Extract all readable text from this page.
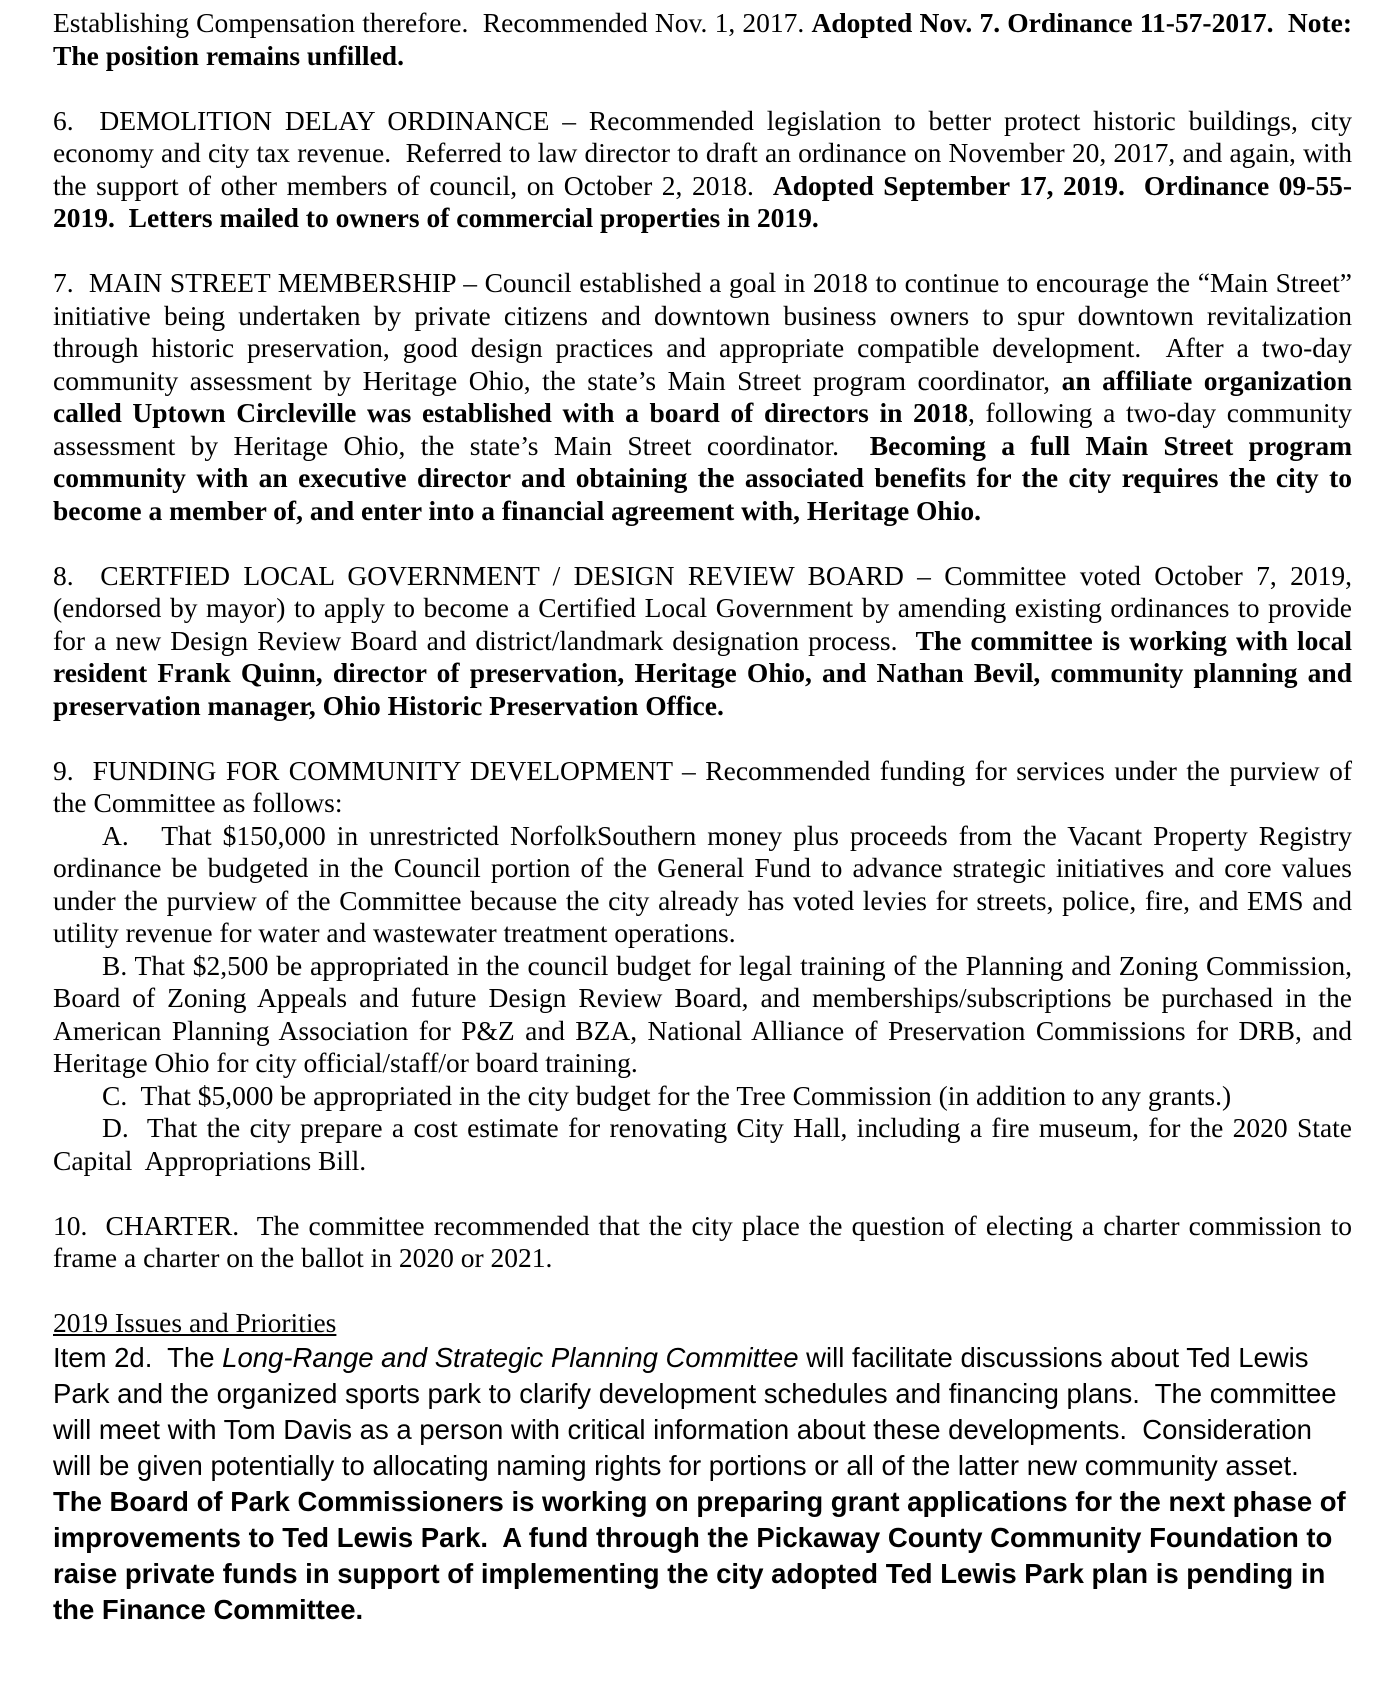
Establishing Compensation therefore.  Recommended Nov. 1, 2017. Adopted Nov. 7. Ordinance 11-57-2017.  Note:  The position remains unfilled.

6.  DEMOLITION DELAY ORDINANCE – Recommended legislation to better protect historic buildings, city economy and city tax revenue.  Referred to law director to draft an ordinance on November 20, 2017, and again, with the support of other members of council, on October 2, 2018.  Adopted September 17, 2019.  Ordinance 09-55-2019.  Letters mailed to owners of commercial properties in 2019.

7.  MAIN STREET MEMBERSHIP – Council established a goal in 2018 to continue to encourage the “Main Street” initiative being undertaken by private citizens and downtown business owners to spur downtown revitalization through historic preservation, good design practices and appropriate compatible development.  After a two-day community assessment by Heritage Ohio, the state’s Main Street program coordinator, an affiliate organization called Uptown Circleville was established with a board of directors in 2018, following a two-day community assessment by Heritage Ohio, the state’s Main Street coordinator.  Becoming a full Main Street program community with an executive director and obtaining the associated benefits for the city requires the city to become a member of, and enter into a financial agreement with, Heritage Ohio.

8.  CERTFIED LOCAL GOVERNMENT / DESIGN REVIEW BOARD – Committee voted October 7, 2019, (endorsed by mayor) to apply to become a Certified Local Government by amending existing ordinances to provide for a new Design Review Board and district/landmark designation process.  The committee is working with local resident Frank Quinn, director of preservation, Heritage Ohio, and Nathan Bevil, community planning and preservation manager, Ohio Historic Preservation Office.

9.  FUNDING FOR COMMUNITY DEVELOPMENT – Recommended funding for services under the purview of the Committee as follows:

A.   That $150,000 in unrestricted NorfolkSouthern money plus proceeds from the Vacant Property Registry ordinance be budgeted in the Council portion of the General Fund to advance strategic initiatives and core values under the purview of the Committee because the city already has voted levies for streets, police, fire, and EMS and utility revenue for water and wastewater treatment operations.

B. That $2,500 be appropriated in the council budget for legal training of the Planning and Zoning Commission, Board of Zoning Appeals and future Design Review Board, and memberships/subscriptions be purchased in the American Planning Association for P&Z and BZA, National Alliance of Preservation Commissions for DRB, and Heritage Ohio for city official/staff/or board training.

C.  That $5,000 be appropriated in the city budget for the Tree Commission (in addition to any grants.)

D.  That the city prepare a cost estimate for renovating City Hall, including a fire museum, for the 2020 State Capital  Appropriations Bill.

10.  CHARTER.  The committee recommended that the city place the question of electing a charter commission to frame a charter on the ballot in 2020 or 2021.

2019 Issues and Priorities

Item 2d.  The Long-Range and Strategic Planning Committee will facilitate discussions about Ted Lewis Park and the organized sports park to clarify development schedules and financing plans.  The committee will meet with Tom Davis as a person with critical information about these developments.  Consideration will be given potentially to allocating naming rights for portions or all of the latter new community asset.   The Board of Park Commissioners is working on preparing grant applications for the next phase of improvements to Ted Lewis Park.  A fund through the Pickaway County Community Foundation to raise private funds in support of implementing the city adopted Ted Lewis Park plan is pending in the Finance Committee.
